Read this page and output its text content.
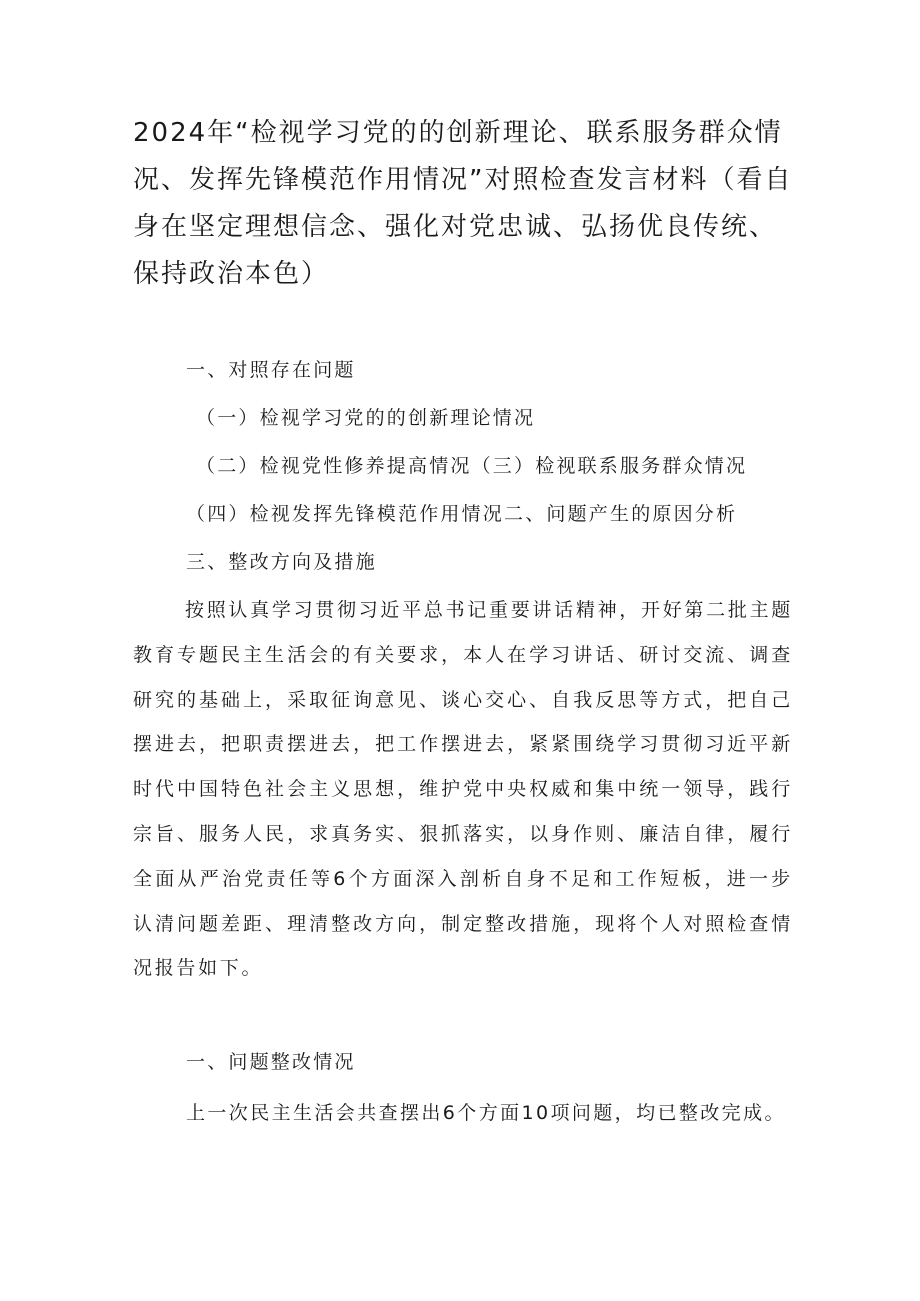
2024年“检视学习党的的创新理论、联系服务群众情况、发挥先锋模范作用情况”对照检查发言材料（看自身在坚定理想信念、强化对党忠诚、弘扬优良传统、保持政治本色）

一、对照存在问题

（一）检视学习党的的创新理论情况

（二）检视党性修养提高情况（三）检视联系服务群众情况

（四）检视发挥先锋模范作用情况二、问题产生的原因分析

三、整改方向及措施

按照认真学习贯彻习近平总书记重要讲话精神，开好第二批主题教育专题民主生活会的有关要求，本人在学习讲话、研讨交流、调查研究的基础上，采取征询意见、谈心交心、自我反思等方式，把自己摆进去，把职责摆进去，把工作摆进去，紧紧围绕学习贯彻习近平新时代中国特色社会主义思想，维护党中央权威和集中统一领导，践行宗旨、服务人民，求真务实、狠抓落实，以身作则、廉洁自律，履行全面从严治党责任等6个方面深入剖析自身不足和工作短板，进一步认清问题差距、理清整改方向，制定整改措施，现将个人对照检查情况报告如下。

一、问题整改情况

上一次民主生活会共查摆出6个方面10项问题，均已整改完成。
